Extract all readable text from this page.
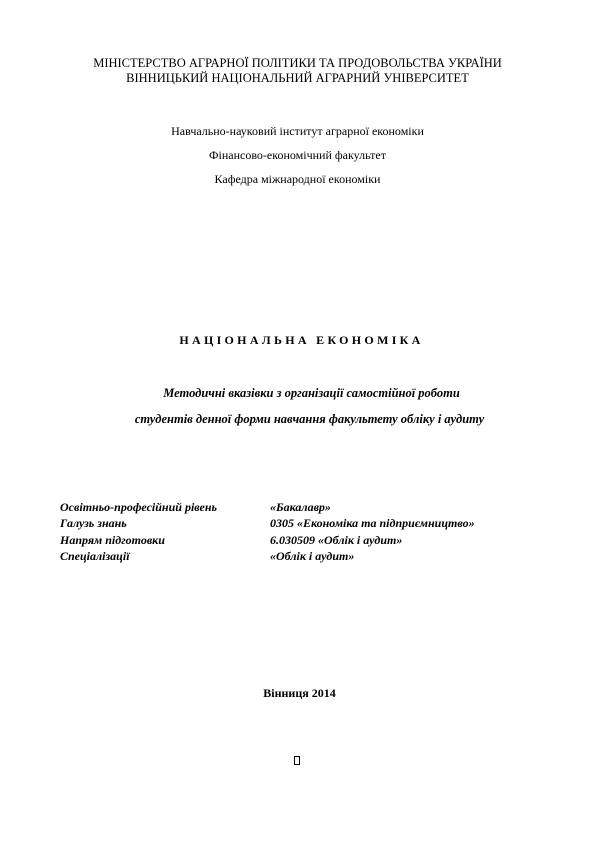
МІНІСТЕРСТВО АГРАРНОЇ ПОЛІТИКИ ТА ПРОДОВОЛЬСТВА УКРАЇНИ
ВІННИЦЬКИЙ НАЦІОНАЛЬНИЙ АГРАРНИЙ УНІВЕРСИТЕТ
Навчально-науковий інститут аграрної економіки
Фінансово-економічний факультет
Кафедра міжнародної економіки
НАЦІОНАЛЬНА ЕКОНОМІКА
Методичні вказівки з організації самостійної роботи
студентів денної форми навчання факультету обліку і аудиту
Освітньо-професійний рівень	«Бакалавр»
Галузь знань	0305 «Економіка та підприємництво»
Напрям підготовки	6.030509 «Облік і аудит»
Спеціалізації	«Облік і аудит»
Вінниця 2014
